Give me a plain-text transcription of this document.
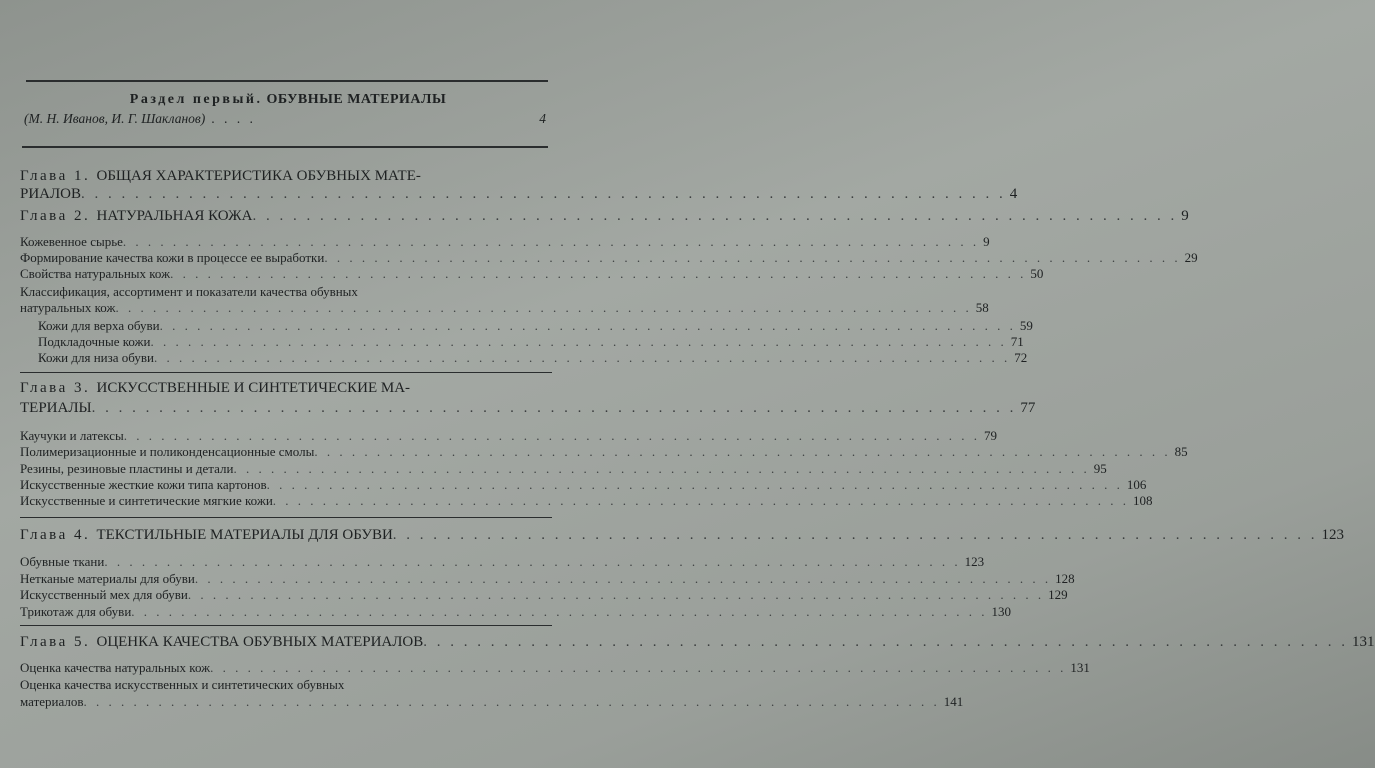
Раздел первый. ОБУВНЫЕ МАТЕРИАЛЫ
(М. Н. Иванов, И. Г. Шакланов) . . . .	4
Глава 1. ОБЩАЯ ХАРАКТЕРИСТИКА ОБУВНЫХ МАТЕ-
РИАЛОВ . . .	4
Глава 2. НАТУРАЛЬНАЯ КОЖА . . .	9
Кожевенное сырье . . .	9
Формирование качества кожи в процессе ее выработки . . .	29
Свойства натуральных кож . . .	50
Классификация, ассортимент и показатели качества обувных
натуральных кож . . .	58
Кожи для верха обуви . . .	59
Подкладочные кожи . . .	71
Кожи для низа обуви . . .	72
Глава 3. ИСКУССТВЕННЫЕ И СИНТЕТИЧЕСКИЕ МА-
ТЕРИАЛЫ . . .	77
Каучуки и латексы . . .	79
Полимеризационные и поликонденсационные смолы . . .	85
Резины, резиновые пластины и детали . . .	95
Искусственные жесткие кожи типа картонов . . .	106
Искусственные и синтетические мягкие кожи . . .	108
Глава 4. ТЕКСТИЛЬНЫЕ МАТЕРИАЛЫ ДЛЯ ОБУВИ . . .	123
Обувные ткани . . .	123
Нетканые материалы для обуви . . .	128
Искусственный мех для обуви . . .	129
Трикотаж для обуви . . .	130
Глава 5. ОЦЕНКА КАЧЕСТВА ОБУВНЫХ МАТЕРИАЛОВ . . .	131
Оценка качества натуральных кож . . .	131
Оценка качества искусственных и синтетических обувных
материалов . . .	141
